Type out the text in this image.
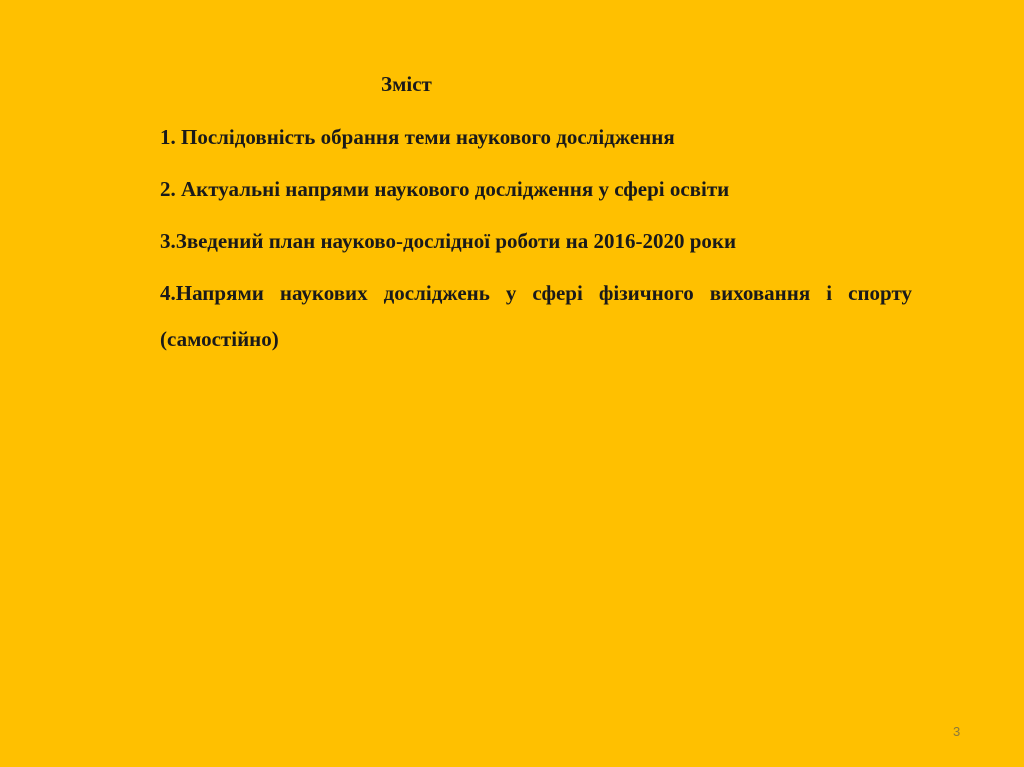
Зміст
1. Послідовність обрання теми наукового дослідження
2. Актуальні напрями наукового дослідження у сфері освіти
3.Зведений план науково-дослідної роботи на 2016-2020 роки
4.Напрями наукових досліджень у сфері фізичного виховання і спорту (самостійно)
3
